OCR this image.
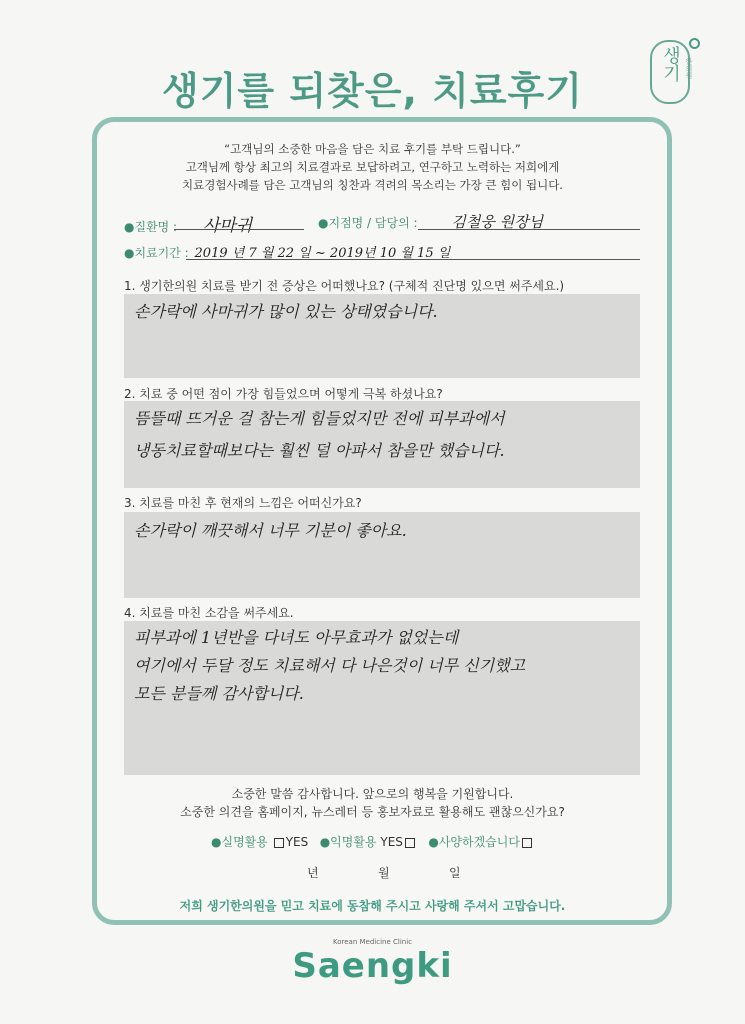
생기를 되찾은, 치료후기
생기 한의원
“고객님의 소중한 마음을 담은 치료 후기를 부탁 드립니다.”
고객님께 항상 최고의 치료결과로 보답하려고, 연구하고 노력하는 저희에게
치료경험사례를 담은 고객님의 칭찬과 격려의 목소리는 가장 큰 힘이 됩니다.
●질환명 : 사마귀	●지점명 / 담당의 : 김철웅 원장님
●치료기간 : 2019 년 7 월 22 일 ~ 2019년 10 월 15 일
1. 생기한의원 치료를 받기 전 증상은 어떠했나요? (구체적 진단명 있으면 써주세요.)
손가락에 사마귀가 많이 있는 상태였습니다.
2. 치료 중 어떤 점이 가장 힘들었으며 어떻게 극복 하셨나요?
뜸뜰때 뜨거운 걸 참는게 힘들었지만 전에 피부과에서
냉동치료할때보다는 훨씬 덜 아파서 참을만 했습니다.
3. 치료를 마친 후 현재의 느낌은 어떠신가요?
손가락이 깨끗해서 너무 기분이 좋아요.
4. 치료를 마친 소감을 써주세요.
피부과에 1년반을 다녀도 아무효과가 없었는데
여기에서 두달 정도 치료해서 다 나은것이 너무 신기했고
모든 분들께 감사합니다.
소중한 말씀 감사합니다. 앞으로의 행복을 기원합니다.
소중한 의견을 홈페이지, 뉴스레터 등 홍보자료로 활용해도 괜찮으신가요?
●실명활용 YES ●익명활용 YES ●사양하겠습니다
년	월	일
저희 생기한의원을 믿고 치료에 동참해 주시고 사랑해 주셔서 고맙습니다.
Korean Medicine Clinic
Saengki
